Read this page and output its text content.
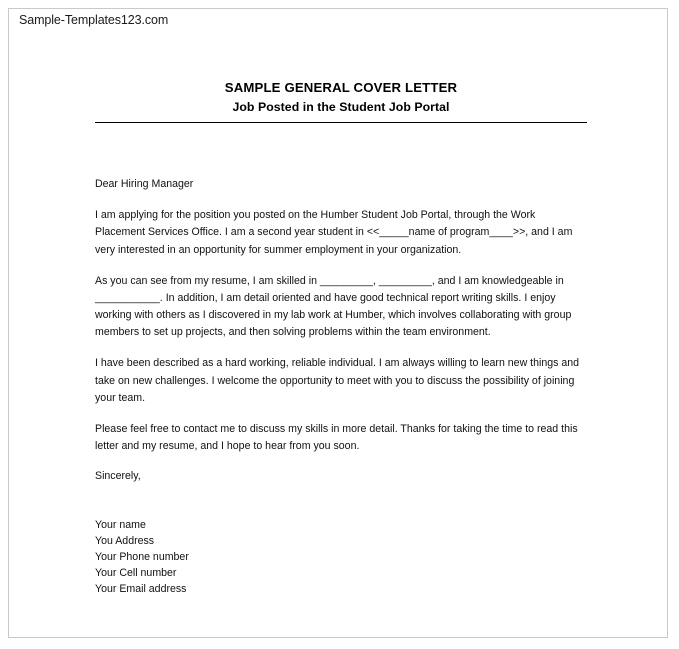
Sample-Templates123.com
SAMPLE GENERAL COVER LETTER
Job Posted in the Student Job Portal
Dear Hiring Manager

I am applying for the position you posted on the Humber Student Job Portal, through the Work Placement Services Office. I am a second year student in <<_____name of program____>>, and I am very interested in an opportunity for summer employment in your organization.

As you can see from my resume, I am skilled in _________, _________, and I am knowledgeable in ___________. In addition, I am detail oriented and have good technical report writing skills. I enjoy working with others as I discovered in my lab work at Humber, which involves collaborating with group members to set up projects, and then solving problems within the team environment.

I have been described as a hard working, reliable individual. I am always willing to learn new things and take on new challenges. I welcome the opportunity to meet with you to discuss the possibility of joining your team.

Please feel free to contact me to discuss my skills in more detail. Thanks for taking the time to read this letter and my resume, and I hope to hear from you soon.

Sincerely,
Your name
You Address
Your Phone number
Your Cell number
Your Email address
